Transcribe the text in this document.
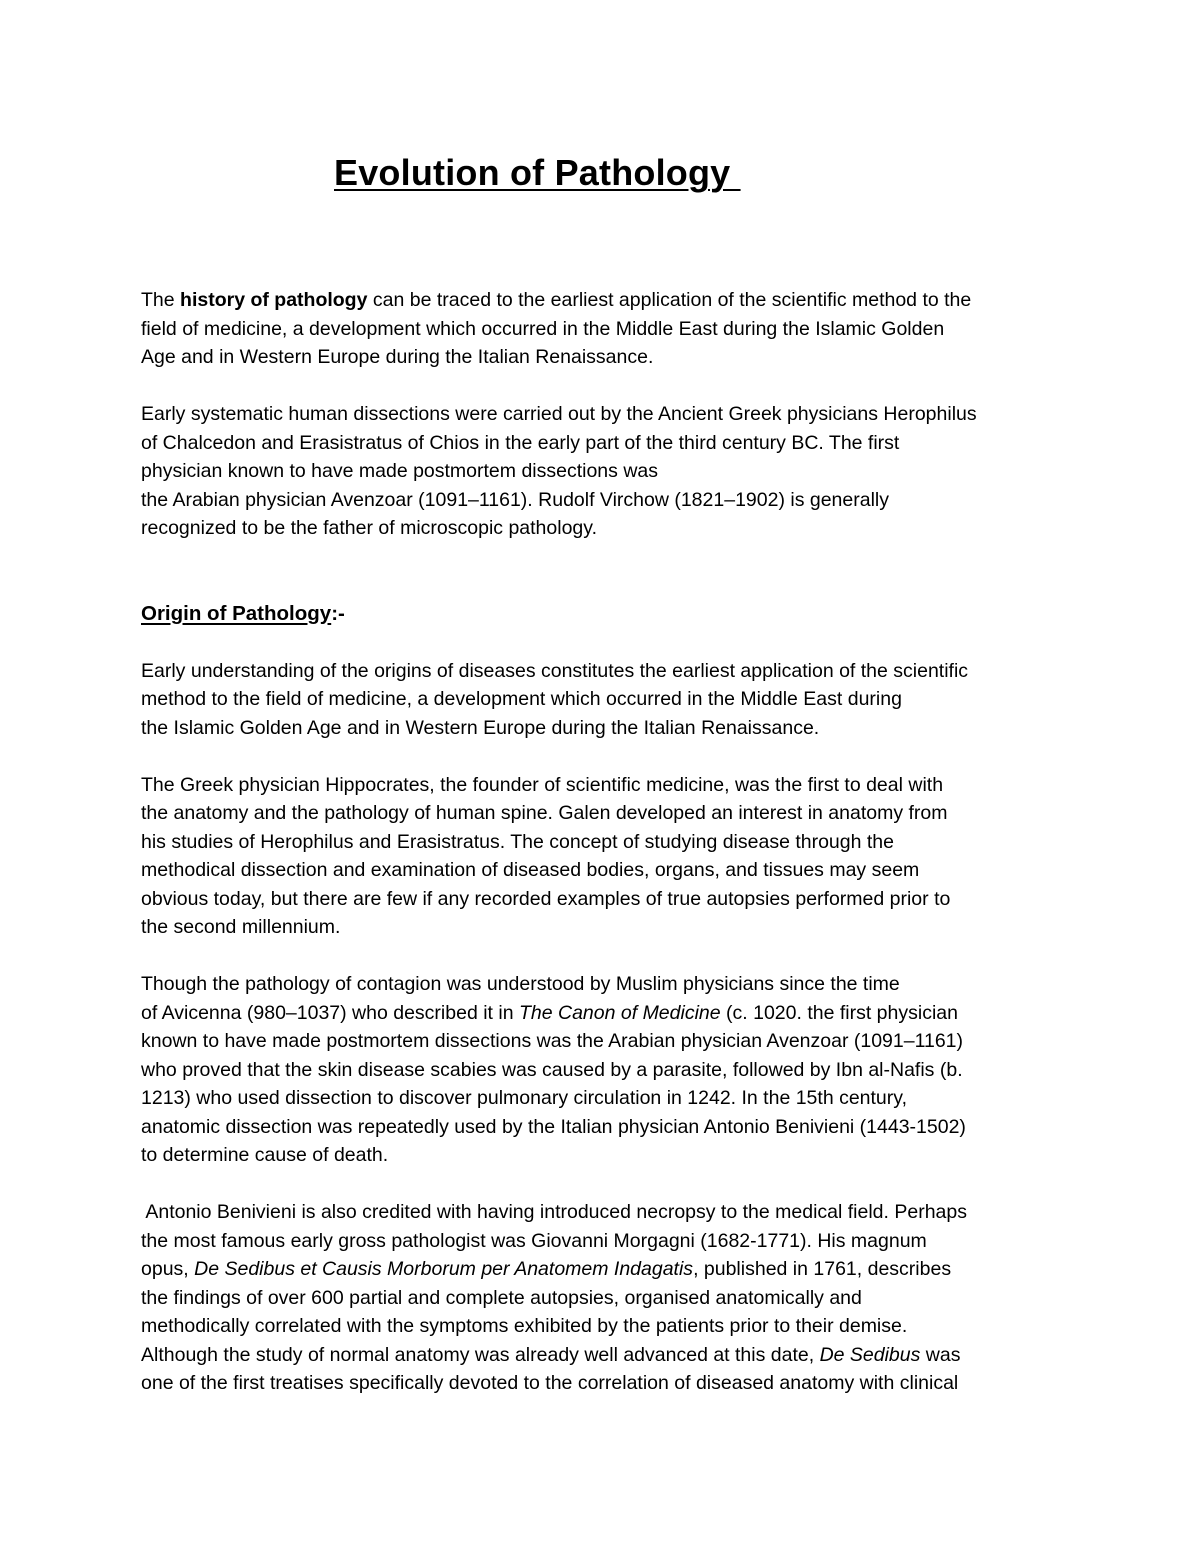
Evolution of Pathology

The history of pathology can be traced to the earliest application of the scientific method to the
field of medicine, a development which occurred in the Middle East during the Islamic Golden
Age and in Western Europe during the Italian Renaissance.

Early systematic human dissections were carried out by the Ancient Greek physicians Herophilus
of Chalcedon and Erasistratus of Chios in the early part of the third century BC. The first
physician known to have made postmortem dissections was
the Arabian physician Avenzoar (1091–1161). Rudolf Virchow (1821–1902) is generally
recognized to be the father of microscopic pathology.

Origin of Pathology:-

Early understanding of the origins of diseases constitutes the earliest application of the scientific
method to the field of medicine, a development which occurred in the Middle East during
the Islamic Golden Age and in Western Europe during the Italian Renaissance.

The Greek physician Hippocrates, the founder of scientific medicine, was the first to deal with
the anatomy and the pathology of human spine. Galen developed an interest in anatomy from
his studies of Herophilus and Erasistratus. The concept of studying disease through the
methodical dissection and examination of diseased bodies, organs, and tissues may seem
obvious today, but there are few if any recorded examples of true autopsies performed prior to
the second millennium.

Though the pathology of contagion was understood by Muslim physicians since the time
of Avicenna (980–1037) who described it in The Canon of Medicine (c. 1020. the first physician
known to have made postmortem dissections was the Arabian physician Avenzoar (1091–1161)
who proved that the skin disease scabies was caused by a parasite, followed by Ibn al-Nafis (b.
1213) who used dissection to discover pulmonary circulation in 1242. In the 15th century,
anatomic dissection was repeatedly used by the Italian physician Antonio Benivieni (1443-1502)
to determine cause of death.

Antonio Benivieni is also credited with having introduced necropsy to the medical field. Perhaps
the most famous early gross pathologist was Giovanni Morgagni (1682-1771). His magnum
opus, De Sedibus et Causis Morborum per Anatomem Indagatis, published in 1761, describes
the findings of over 600 partial and complete autopsies, organised anatomically and
methodically correlated with the symptoms exhibited by the patients prior to their demise.
Although the study of normal anatomy was already well advanced at this date, De Sedibus was
one of the first treatises specifically devoted to the correlation of diseased anatomy with clinical
